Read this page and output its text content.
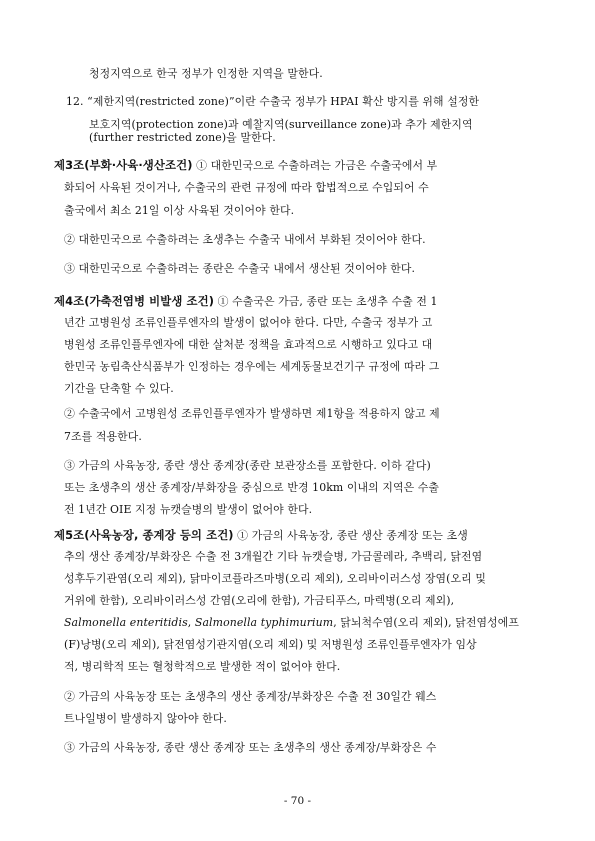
청정지역으로 한국 정부가 인정한 지역을 말한다.
12. “제한지역(restricted zone)”이란 수출국 정부가 HPAI 확산 방지를 위해 설정한
보호지역(protection zone)과 예찰지역(surveillance zone)과 추가 제한지역
(further restricted zone)을 말한다.
제3조(부화·사육·생산조건) ① 대한민국으로 수출하려는 가금은 수출국에서 부
화되어 사육된 것이거나, 수출국의 관련 규정에 따라 합법적으로 수입되어 수
출국에서 최소 21일 이상 사육된 것이어야 한다.
② 대한민국으로 수출하려는 초생추는 수출국 내에서 부화된 것이어야 한다.
③ 대한민국으로 수출하려는 종란은 수출국 내에서 생산된 것이어야 한다.
제4조(가축전염병 비발생 조건) ① 수출국은 가금, 종란 또는 초생추 수출 전 1
년간 고병원성 조류인플루엔자의 발생이 없어야 한다. 다만, 수출국 정부가 고
병원성 조류인플루엔자에 대한 살처분 정책을 효과적으로 시행하고 있다고 대
한민국 농림축산식품부가 인정하는 경우에는 세계동물보건기구 규정에 따라 그
기간을 단축할 수 있다.
② 수출국에서 고병원성 조류인플루엔자가 발생하면 제1항을 적용하지 않고 제
7조를 적용한다.
③ 가금의 사육농장, 종란 생산 종계장(종란 보관장소를 포함한다. 이하 같다)
또는 초생추의 생산 종계장/부화장을 중심으로 반경 10km 이내의 지역은 수출
전 1년간 OIE 지정 뉴캣슬병의 발생이 없어야 한다.
제5조(사육농장, 종계장 등의 조건) ① 가금의 사육농장, 종란 생산 종계장 또는 초생
추의 생산 종계장/부화장은 수출 전 3개월간 기타 뉴캣슬병, 가금콜레라, 추백리, 닭전염
성후두기관염(오리 제외), 닭마이코플라즈마병(오리 제외), 오리바이러스성 장염(오리 및
거위에 한함), 오리바이러스성 간염(오리에 한함), 가금티푸스, 마렉병(오리 제외),
Salmonella enteritidis, Salmonella typhimurium, 닭뇌척수염(오리 제외), 닭전염성에프
(F)낭병(오리 제외), 닭전염성기관지염(오리 제외) 및 저병원성 조류인플루엔자가 임상
적, 병리학적 또는 혈청학적으로 발생한 적이 없어야 한다.
② 가금의 사육농장 또는 초생추의 생산 종계장/부화장은 수출 전 30일간 웨스
트나일병이 발생하지 않아야 한다.
③ 가금의 사육농장, 종란 생산 종계장 또는 초생추의 생산 종계장/부화장은 수
- 70 -
